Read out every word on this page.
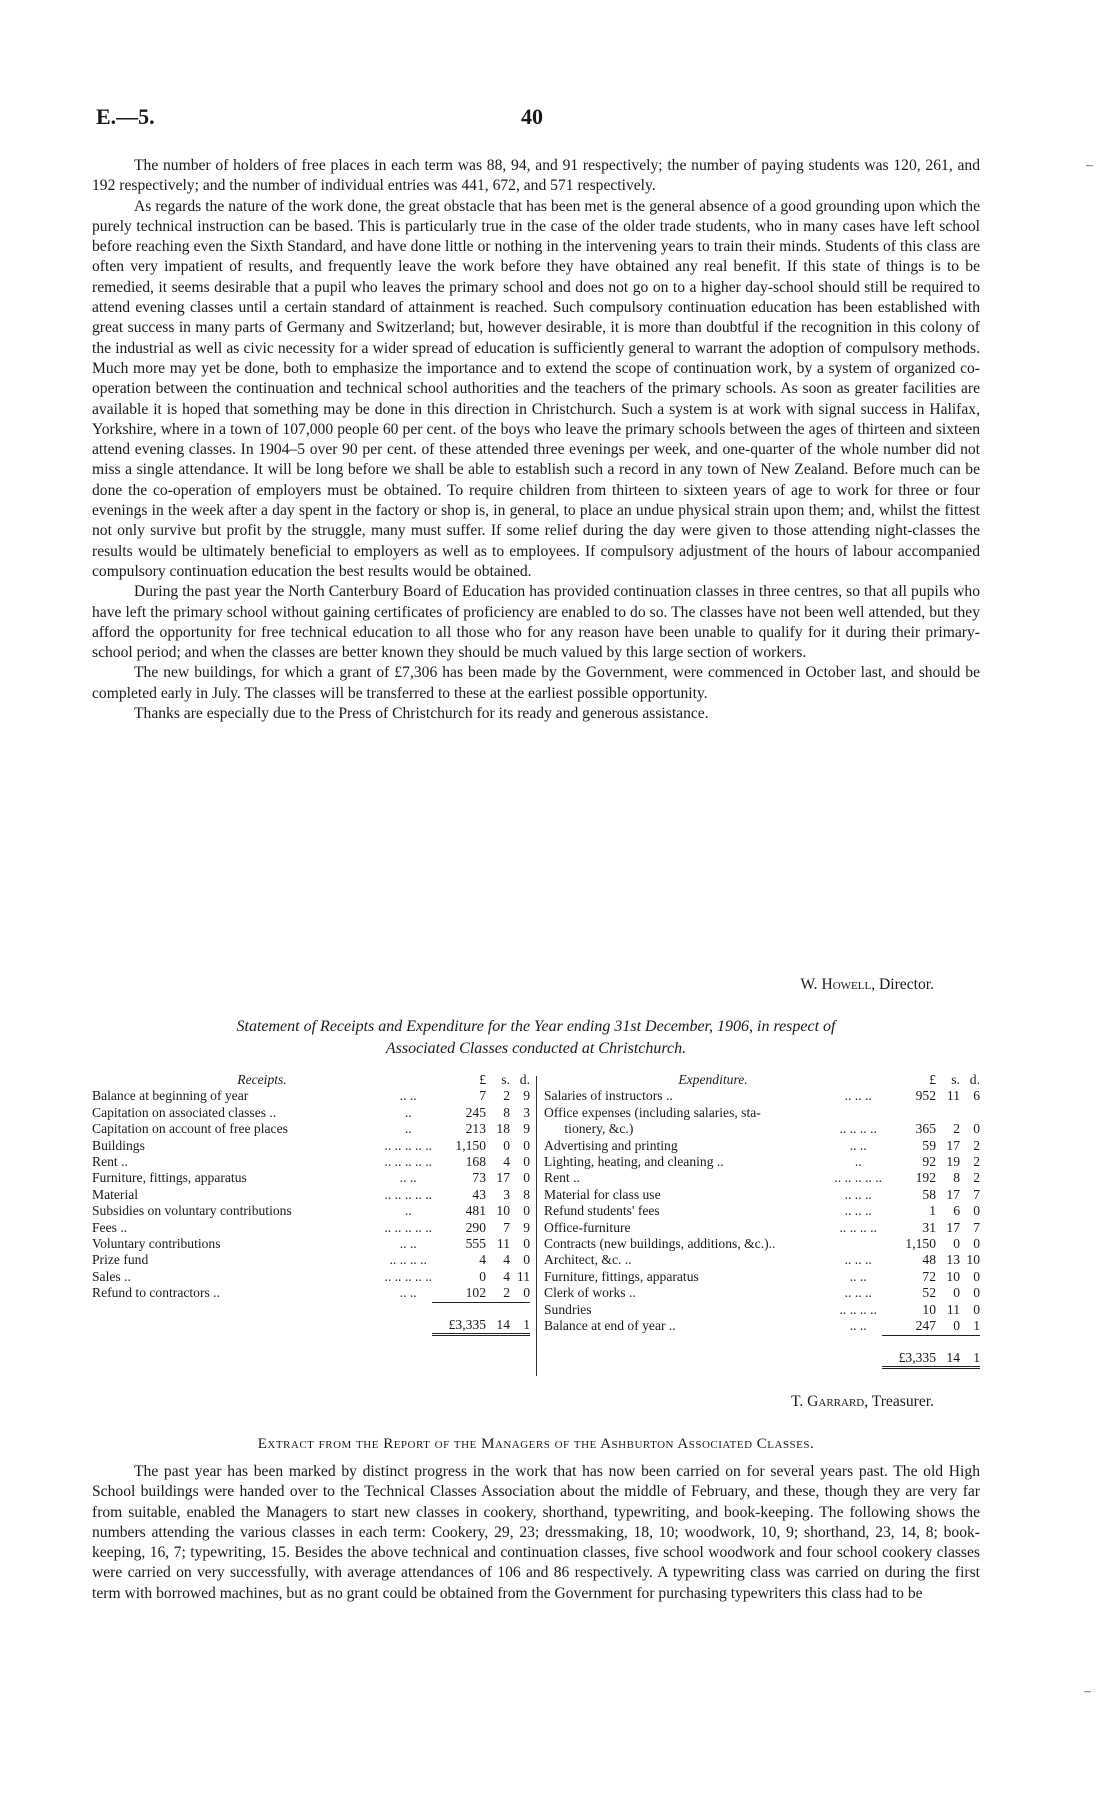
E.—5.	40

The number of holders of free places in each term was 88, 94, and 91 respectively; the number of paying students was 120, 261, and 192 respectively; and the number of individual entries was 441, 672, and 571 respectively.

As regards the nature of the work done, the great obstacle that has been met is the general absence of a good grounding upon which the purely technical instruction can be based. This is particularly true in the case of the older trade students, who in many cases have left school before reaching even the Sixth Standard, and have done little or nothing in the intervening years to train their minds. Students of this class are often very impatient of results, and frequently leave the work before they have obtained any real benefit. If this state of things is to be remedied, it seems desirable that a pupil who leaves the primary school and does not go on to a higher day-school should still be required to attend evening classes until a certain standard of attainment is reached. Such compulsory continuation education has been established with great success in many parts of Germany and Switzerland; but, however desirable, it is more than doubtful if the recognition in this colony of the industrial as well as civic necessity for a wider spread of education is sufficiently general to warrant the adoption of compulsory methods. Much more may yet be done, both to emphasize the importance and to extend the scope of continuation work, by a system of organized co-operation between the continuation and technical school authorities and the teachers of the primary schools. As soon as greater facilities are available it is hoped that something may be done in this direction in Christchurch. Such a system is at work with signal success in Halifax, Yorkshire, where in a town of 107,000 people 60 per cent. of the boys who leave the primary schools between the ages of thirteen and sixteen attend evening classes. In 1904–5 over 90 per cent. of these attended three evenings per week, and one-quarter of the whole number did not miss a single attendance. It will be long before we shall be able to establish such a record in any town of New Zealand. Before much can be done the co-operation of employers must be obtained. To require children from thirteen to sixteen years of age to work for three or four evenings in the week after a day spent in the factory or shop is, in general, to place an undue physical strain upon them; and, whilst the fittest not only survive but profit by the struggle, many must suffer. If some relief during the day were given to those attending night-classes the results would be ultimately beneficial to employers as well as to employees. If compulsory adjustment of the hours of labour accompanied compulsory continuation education the best results would be obtained.

During the past year the North Canterbury Board of Education has provided continuation classes in three centres, so that all pupils who have left the primary school without gaining certificates of proficiency are enabled to do so. The classes have not been well attended, but they afford the opportunity for free technical education to all those who for any reason have been unable to qualify for it during their primary-school period; and when the classes are better known they should be much valued by this large section of workers.

The new buildings, for which a grant of £7,306 has been made by the Government, were commenced in October last, and should be completed early in July. The classes will be transferred to these at the earliest possible opportunity.

Thanks are especially due to the Press of Christchurch for its ready and generous assistance.

W. Howell, Director.
Statement of Receipts and Expenditure for the Year ending 31st December, 1906, in respect of
Associated Classes conducted at Christchurch.
Receipts.		£	s.	d.
Balance at beginning of year	.. ..	7	2	9
Capitation on associated classes ..	..	245	8	3
Capitation on account of free places	..	213	18	9
Buildings	.. .. .. .. ..	1,150	0	0
Rent ..	.. .. .. .. ..	168	4	0
Furniture, fittings, apparatus	.. ..	73	17	0
Material	.. .. .. .. ..	43	3	8
Subsidies on voluntary contributions	..	481	10	0
Fees ..	.. .. .. .. ..	290	7	9
Voluntary contributions	.. ..	555	11	0
Prize fund	.. .. .. ..	4	4	0
Sales ..	.. .. .. .. ..	0	4	11
Refund to contractors ..	.. ..	102	2	0
		£3,335	14	1
Expenditure.		£	s.	d.
Salaries of instructors ..	.. .. ..	952	11	6
Office expenses (including salaries, sta-				
tionery, &c.)	.. .. .. ..	365	2	0
Advertising and printing	.. ..	59	17	2
Lighting, heating, and cleaning ..	..	92	19	2
Rent ..	.. .. .. .. ..	192	8	2
Material for class use	.. .. ..	58	17	7
Refund students' fees	.. .. ..	1	6	0
Office-furniture	.. .. .. ..	31	17	7
Contracts (new buildings, additions, &c.)..		1,150	0	0
Architect, &c. ..	.. .. ..	48	13	10
Furniture, fittings, apparatus	.. ..	72	10	0
Clerk of works ..	.. .. ..	52	0	0
Sundries	.. .. .. ..	10	11	0
Balance at end of year ..	.. ..	247	0	1
		£3,335	14	1
T. Garrard, Treasurer.
Extract from the Report of the Managers of the Ashburton Associated Classes.

The past year has been marked by distinct progress in the work that has now been carried on for several years past. The old High School buildings were handed over to the Technical Classes Association about the middle of February, and these, though they are very far from suitable, enabled the Managers to start new classes in cookery, shorthand, typewriting, and book-keeping. The following shows the numbers attending the various classes in each term: Cookery, 29, 23; dressmaking, 18, 10; woodwork, 10, 9; shorthand, 23, 14, 8; book-keeping, 16, 7; typewriting, 15. Besides the above technical and continuation classes, five school woodwork and four school cookery classes were carried on very successfully, with average attendances of 106 and 86 respectively. A typewriting class was carried on during the first term with borrowed machines, but as no grant could be obtained from the Government for purchasing typewriters this class had to be

–
–
